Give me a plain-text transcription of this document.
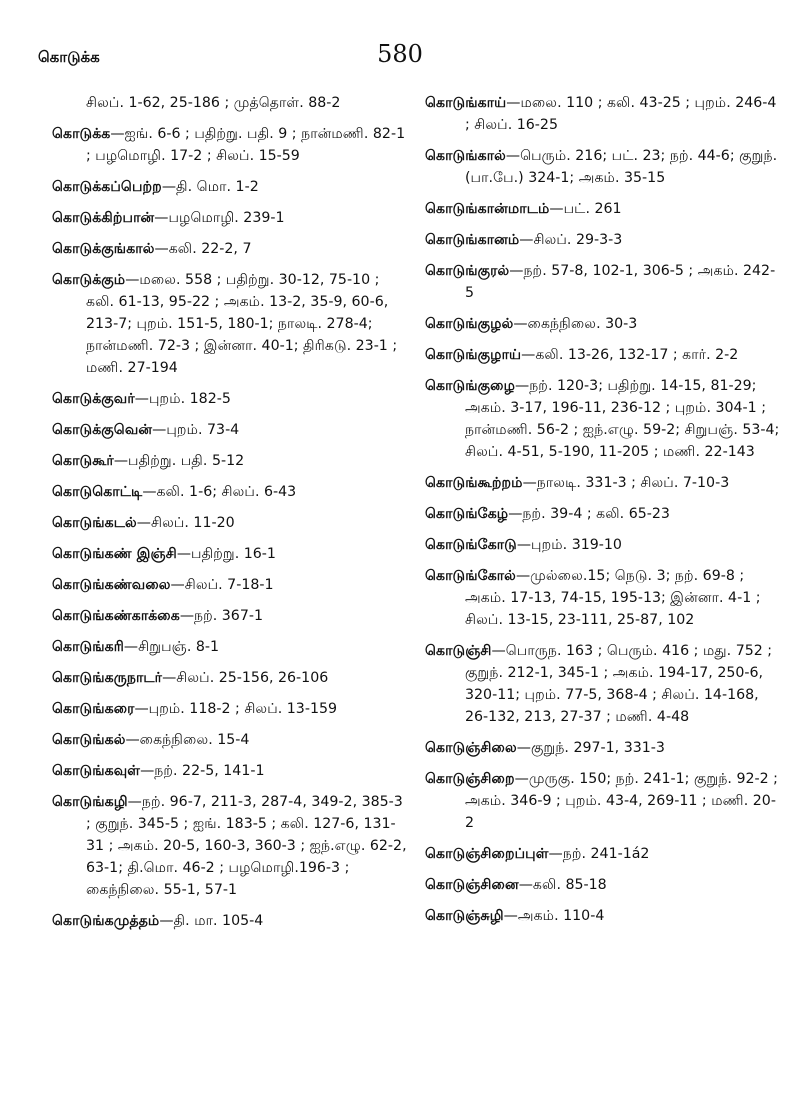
கொடுக்க	580
சிலப். 1-62, 25-186 ; முத்தொள். 88-2
கொடுக்க—ஐங். 6-6 ; பதிற்று. பதி. 9 ; நான்மணி. 82-1 ; பழமொழி. 17-2 ; சிலப். 15-59
கொடுக்கப்பெற்ற—தி. மொ. 1-2
கொடுக்கிற்பான்—பழமொழி. 239-1
கொடுக்குங்கால்—கலி. 22-2, 7
கொடுக்கும்—மலை. 558 ; பதிற்று. 30-12, 75-10 ; கலி. 61-13, 95-22 ; அகம். 13-2, 35-9, 60-6, 213-7; புறம். 151-5, 180-1; நாலடி. 278-4; நான்மணி. 72-3 ; இன்னா. 40-1; திரிகடு. 23-1 ; மணி. 27-194
கொடுக்குவர்—புறம். 182-5
கொடுக்குவென்—புறம். 73-4
கொடுகூர்—பதிற்று. பதி. 5-12
கொடுகொட்டி—கலி. 1-6; சிலப். 6-43
கொடுங்கடல்—சிலப். 11-20
கொடுங்கண் இஞ்சி—பதிற்று. 16-1
கொடுங்கண்வலை—சிலப். 7-18-1
கொடுங்கண்காக்கை—நற். 367-1
கொடுங்கரி—சிறுபஞ். 8-1
கொடுங்கருநாடர்—சிலப். 25-156, 26-106
கொடுங்கரை—புறம். 118-2 ; சிலப். 13-159
கொடுங்கல்—கைந்நிலை. 15-4
கொடுங்கவுள்—நற். 22-5, 141-1
கொடுங்கழி—நற். 96-7, 211-3, 287-4, 349-2, 385-3 ; குறுந். 345-5 ; ஐங். 183-5 ; கலி. 127-6, 131-31 ; அகம். 20-5, 160-3, 360-3 ; ஐந்.எழு. 62-2, 63-1; தி.மொ. 46-2 ; பழமொழி.196-3 ; கைந்நிலை. 55-1, 57-1
கொடுங்கமுத்தம்—தி. மா. 105-4
கொடுங்காய்—மலை. 110 ; கலி. 43-25 ; புறம். 246-4 ; சிலப். 16-25
கொடுங்கால்—பெரும். 216; பட். 23; நற். 44-6; குறுந். (பா.பே.) 324-1; அகம். 35-15
கொடுங்கான்மாடம்—பட். 261
கொடுங்கானம்—சிலப். 29-3-3
கொடுங்குரல்—நற். 57-8, 102-1, 306-5 ; அகம். 242-5
கொடுங்குழல்—கைந்நிலை. 30-3
கொடுங்குழாய்—கலி. 13-26, 132-17 ; கார். 2-2
கொடுங்குழை—நற். 120-3; பதிற்று. 14-15, 81-29; அகம். 3-17, 196-11, 236-12 ; புறம். 304-1 ; நான்மணி. 56-2 ; ஐந்.எழு. 59-2; சிறுபஞ். 53-4; சிலப். 4-51, 5-190, 11-205 ; மணி. 22-143
கொடுங்கூற்றம்—நாலடி. 331-3 ; சிலப். 7-10-3
கொடுங்கேழ்—நற். 39-4 ; கலி. 65-23
கொடுங்கோடு—புறம். 319-10
கொடுங்கோல்—முல்லை.15; நெடு. 3; நற். 69-8 ; அகம். 17-13, 74-15, 195-13; இன்னா. 4-1 ; சிலப். 13-15, 23-111, 25-87, 102
கொடுஞ்சி—பொருந. 163 ; பெரும். 416 ; மது. 752 ; குறுந். 212-1, 345-1 ; அகம். 194-17, 250-6, 320-11; புறம். 77-5, 368-4 ; சிலப். 14-168, 26-132, 213, 27-37 ; மணி. 4-48
கொடுஞ்சிலை—குறுந். 297-1, 331-3
கொடுஞ்சிறை—முருகு. 150; நற். 241-1; குறுந். 92-2 ; அகம். 346-9 ; புறம். 43-4, 269-11 ; மணி. 20-2
கொடுஞ்சிறைப்புள்—நற். 241-1á2
கொடுஞ்சினை—கலி. 85-18
கொடுஞ்சுழி—அகம். 110-4
